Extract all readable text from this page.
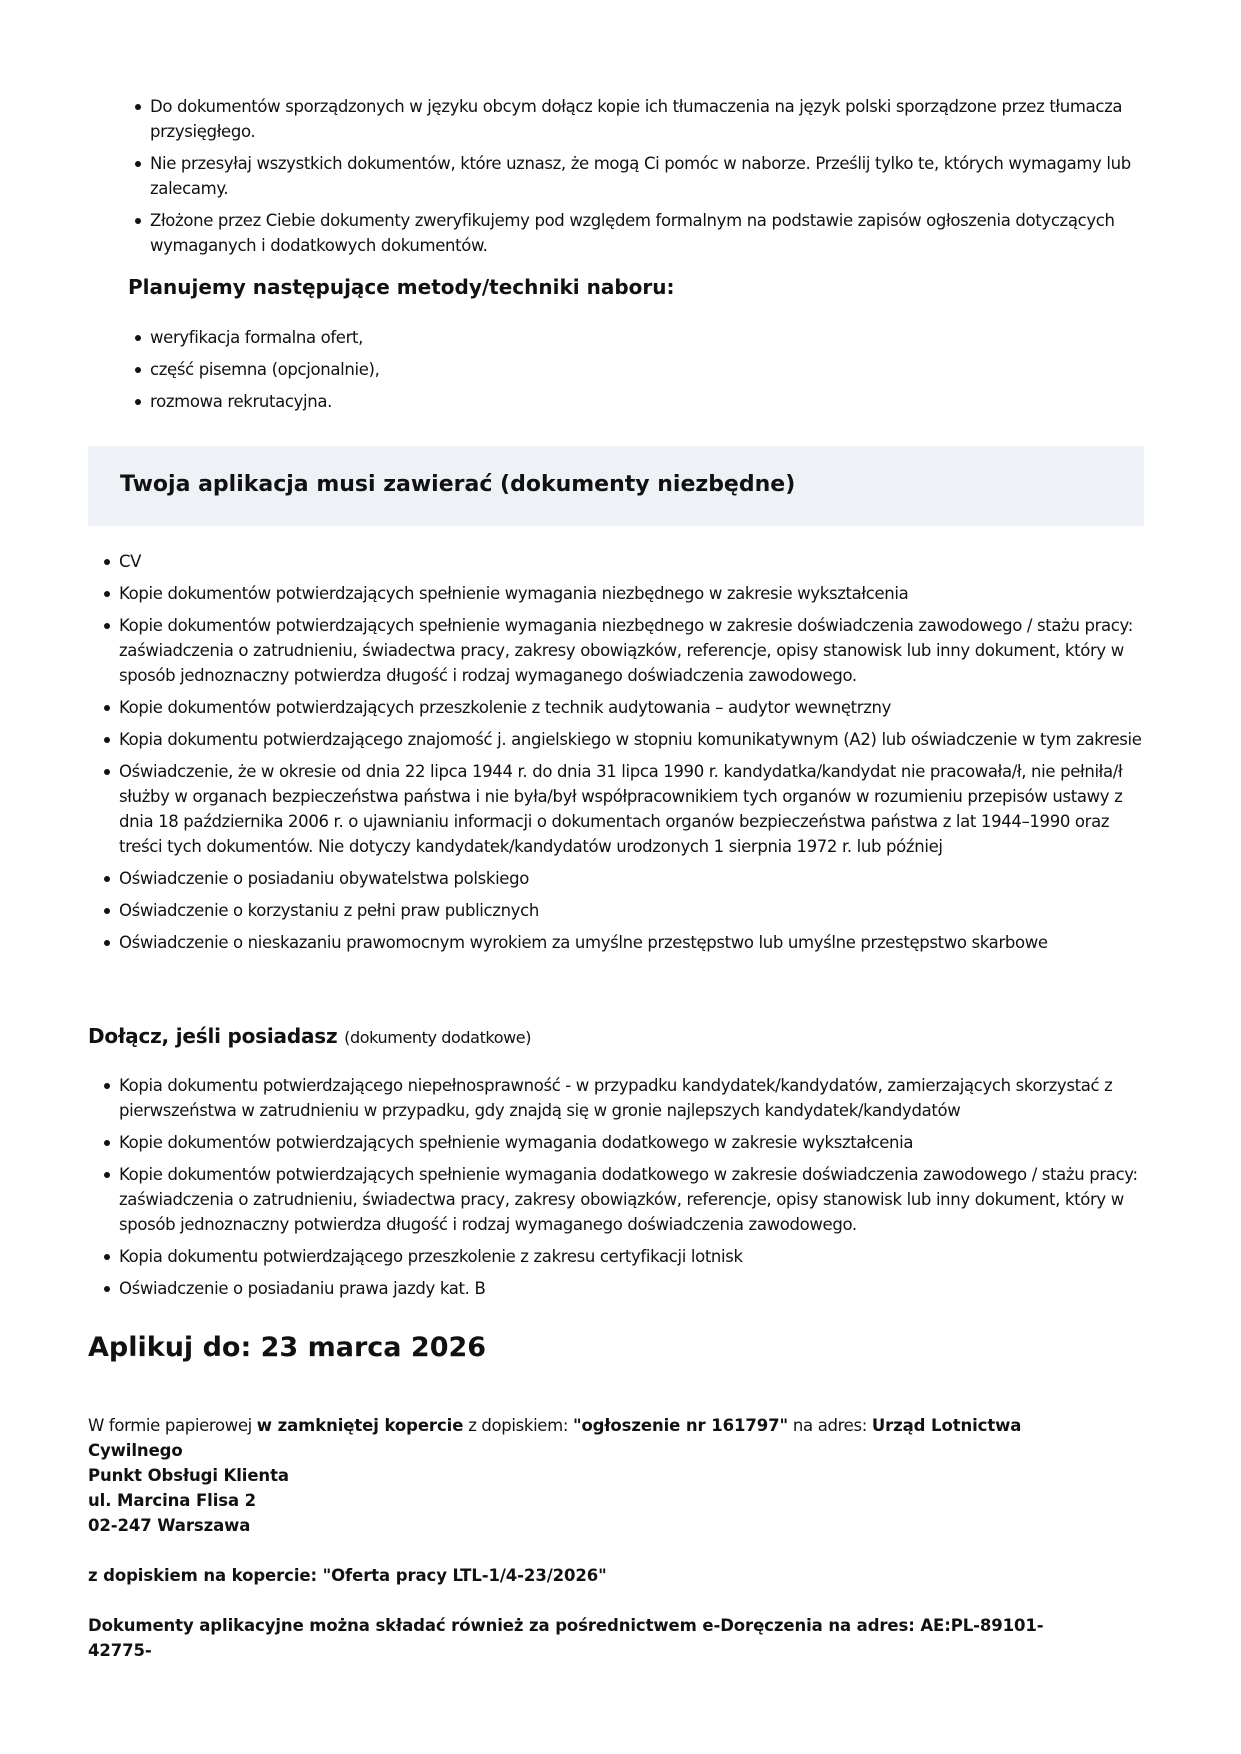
Do dokumentów sporządzonych w języku obcym dołącz kopie ich tłumaczenia na język polski sporządzone przez tłumacza przysięgłego.
Nie przesyłaj wszystkich dokumentów, które uznasz, że mogą Ci pomóc w naborze. Prześlij tylko te, których wymagamy lub zalecamy.
Złożone przez Ciebie dokumenty zweryfikujemy pod względem formalnym na podstawie zapisów ogłoszenia dotyczących wymaganych i dodatkowych dokumentów.
Planujemy następujące metody/techniki naboru:
weryfikacja formalna ofert,
część pisemna (opcjonalnie),
rozmowa rekrutacyjna.
Twoja aplikacja musi zawierać (dokumenty niezbędne)
CV
Kopie dokumentów potwierdzających spełnienie wymagania niezbędnego w zakresie wykształcenia
Kopie dokumentów potwierdzających spełnienie wymagania niezbędnego w zakresie doświadczenia zawodowego / stażu pracy: zaświadczenia o zatrudnieniu, świadectwa pracy, zakresy obowiązków, referencje, opisy stanowisk lub inny dokument, który w sposób jednoznaczny potwierdza długość i rodzaj wymaganego doświadczenia zawodowego.
Kopie dokumentów potwierdzających przeszkolenie z technik audytowania – audytor wewnętrzny
Kopia dokumentu potwierdzającego znajomość j. angielskiego w stopniu komunikatywnym (A2) lub oświadczenie w tym zakresie
Oświadczenie, że w okresie od dnia 22 lipca 1944 r. do dnia 31 lipca 1990 r. kandydatka/kandydat nie pracowała/ł, nie pełniła/ł służby w organach bezpieczeństwa państwa i nie była/był współpracownikiem tych organów w rozumieniu przepisów ustawy z dnia 18 października 2006 r. o ujawnianiu informacji o dokumentach organów bezpieczeństwa państwa z lat 1944–1990 oraz treści tych dokumentów. Nie dotyczy kandydatek/kandydatów urodzonych 1 sierpnia 1972 r. lub później
Oświadczenie o posiadaniu obywatelstwa polskiego
Oświadczenie o korzystaniu z pełni praw publicznych
Oświadczenie o nieskazaniu prawomocnym wyrokiem za umyślne przestępstwo lub umyślne przestępstwo skarbowe
Dołącz, jeśli posiadasz (dokumenty dodatkowe)
Kopia dokumentu potwierdzającego niepełnosprawność - w przypadku kandydatek/kandydatów, zamierzających skorzystać z pierwszeństwa w zatrudnieniu w przypadku, gdy znajdą się w gronie najlepszych kandydatek/kandydatów
Kopie dokumentów potwierdzających spełnienie wymagania dodatkowego w zakresie wykształcenia
Kopie dokumentów potwierdzających spełnienie wymagania dodatkowego w zakresie doświadczenia zawodowego / stażu pracy: zaświadczenia o zatrudnieniu, świadectwa pracy, zakresy obowiązków, referencje, opisy stanowisk lub inny dokument, który w sposób jednoznaczny potwierdza długość i rodzaj wymaganego doświadczenia zawodowego.
Kopia dokumentu potwierdzającego przeszkolenie z zakresu certyfikacji lotnisk
Oświadczenie o posiadaniu prawa jazdy kat. B
Aplikuj do: 23 marca 2026

W formie papierowej w zamkniętej kopercie z dopiskiem: "ogłoszenie nr 161797" na adres: Urząd Lotnictwa Cywilnego

Punkt Obsługi Klienta

ul. Marcina Flisa 2

02-247 Warszawa

z dopiskiem na kopercie: "Oferta pracy LTL-1/4-23/2026"

Dokumenty aplikacyjne można składać również za pośrednictwem e-Doręczenia na adres: AE:PL-89101-42775-
